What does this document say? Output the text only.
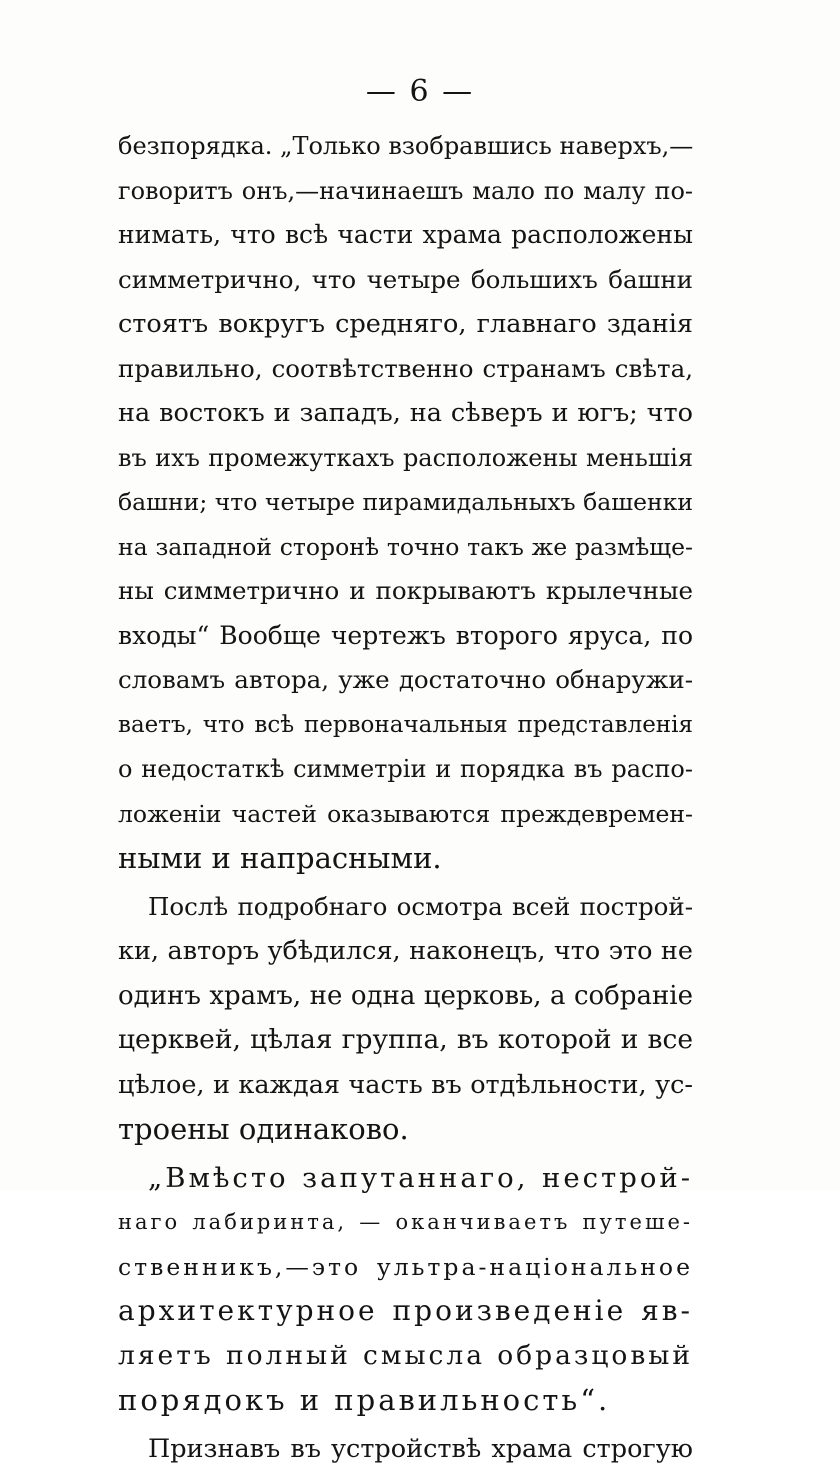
— 6 —
безпорядка. „Только взобравшись наверхъ,—
говоритъ онъ,—начинаешъ мало по малу по-
нимать, что всѣ части храма расположены
симметрично, что четыре большихъ башни
стоятъ вокругъ средняго, главнаго зданія
правильно, соотвѣтственно странамъ свѣта,
на востокъ и западъ, на сѣверъ и югъ; что
въ ихъ промежуткахъ расположены меньшія
башни; что четыре пирамидальныхъ башенки
на западной сторонѣ точно такъ же размѣще-
ны симметрично и покрываютъ крылечные
входы“ Вообще чертежъ второго яруса, по
словамъ автора, уже достаточно обнаружи-
ваетъ, что всѣ первоначальныя представленія
о недостаткѣ симметріи и порядка въ распо-
ложеніи частей оказываются преждевремен-
ными и напрасными.
Послѣ подробнаго осмотра всей построй-
ки, авторъ убѣдился, наконецъ, что это не
одинъ храмъ, не одна церковь, а собраніе
церквей, цѣлая группа, въ которой и все
цѣлое, и каждая часть въ отдѣльности, ус-
троены одинаково.
„Вмѣсто запутаннаго, нестрой-
наго лабиринта, — оканчиваетъ путеше-
ственникъ,—это ультра-національное
архитектурное произведеніе яв-
ляетъ полный смысла образцовый
порядокъ и правильность“.
Признавъ въ устройствѣ храма строгую
